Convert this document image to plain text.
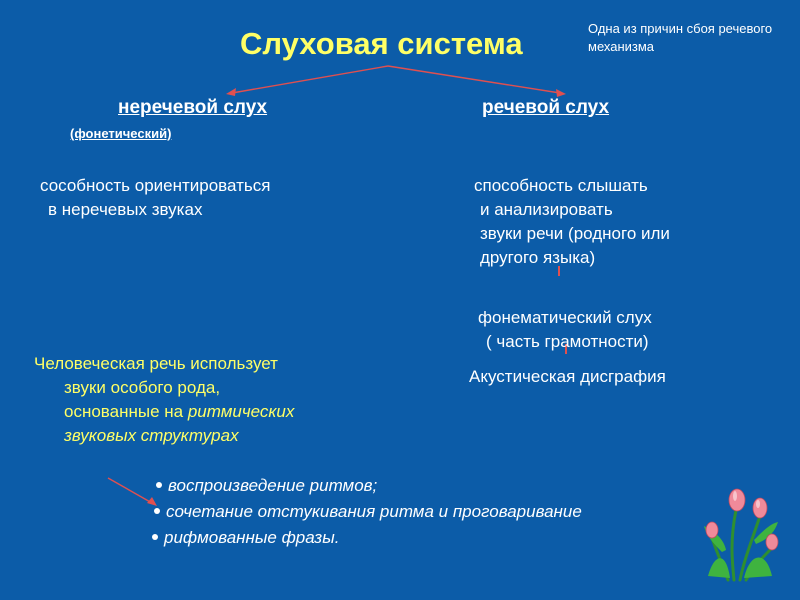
Слуховая система	Одна из причин сбоя речевого механизма
неречевой слух
(фонетический)
речевой слух
сособность ориентироваться
в неречевых звуках
способность слышать
и анализировать
звуки речи (родного или
другого языка)
фонематический слух
( часть грамотности)
Акустическая дисграфия
Человеческая речь использует
звуки особого рода,
основанные на ритмических
звуковых структурах
воспроизведение ритмов;
сочетание отстукивания ритма и проговаривание
рифмованные фразы.
